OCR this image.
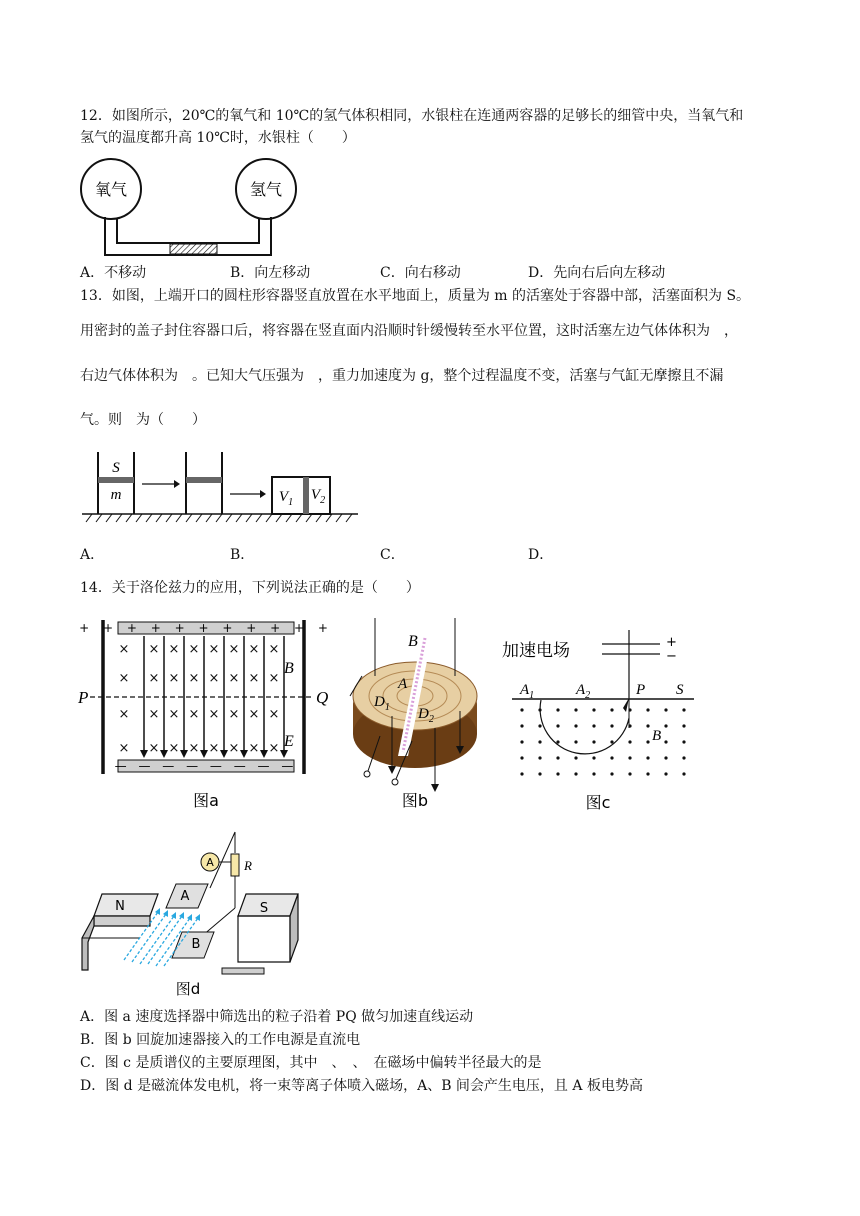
12．如图所示，20℃的氧气和 10℃的氢气体积相同，水银柱在连通两容器的足够长的细管中央，当氧气和
氢气的温度都升高 10℃时，水银柱（　　）
氧气	氢气
A．不移动	B．向左移动	C．向右移动	D．先向右后向左移动
13．如图，上端开口的圆柱形容器竖直放置在水平地面上，质量为 m 的活塞处于容器中部，活塞面积为 S。
用密封的盖子封住容器口后，将容器在竖直面内沿顺时针缓慢转至水平位置，这时活塞左边气体体积为　，
右边气体体积为　。已知大气压强为　，重力加速度为 g，整个过程温度不变，活塞与气缸无摩擦且不漏
气。则　为（　　）
S
m	$V_1$ $V_2$
A．	B．	C．	D．
14．关于洛伦兹力的应用，下列说法正确的是（　　）
+ + + + + + + + + + +
— — — — — — — —
× × × × × × × ×
× × × × × × × ×
× × × × × × × ×
× × × × × × × ×
P	Q
B
E
图a
B
A
$D_1$ $D_2$
图b
加速电场	+
−
$A_1$	$A_2$	P S
B
图c
A R
A
B
N	S
图d
A．图 a 速度选择器中筛选出的粒子沿着 PQ 做匀加速直线运动
B．图 b 回旋加速器接入的工作电源是直流电
C．图 c 是质谱仪的主要原理图，其中　、　、　在磁场中偏转半径最大的是
D．图 d 是磁流体发电机，将一束等离子体喷入磁场，A、B 间会产生电压，且 A 板电势高
